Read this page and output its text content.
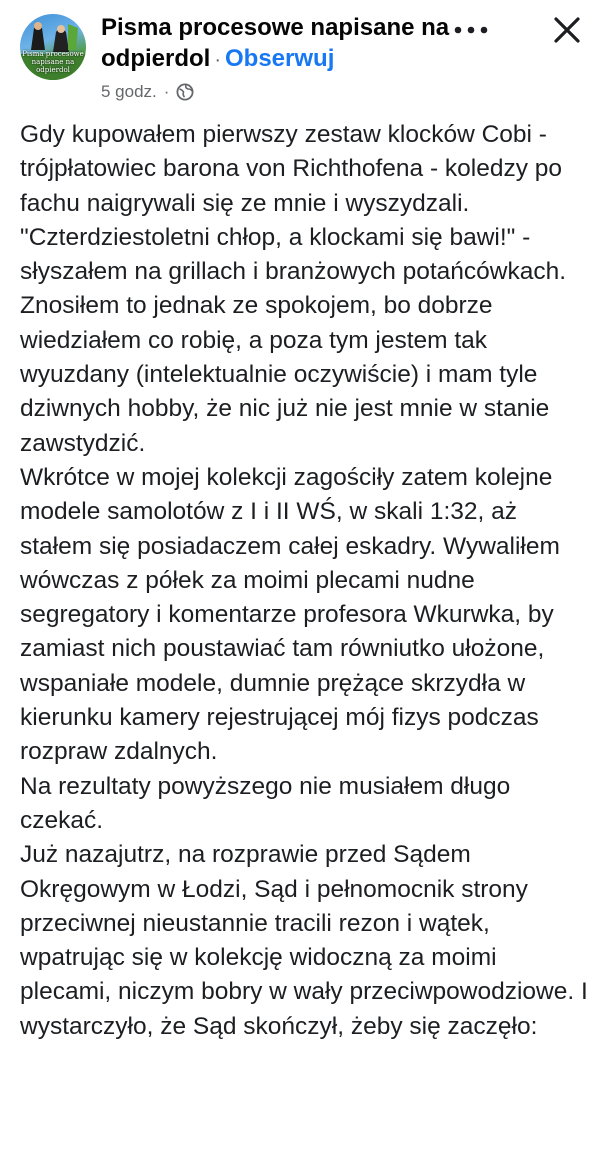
Pisma procesowe
napisane na
odpierdol
Pisma procesowe napisane na odpierdol · Obserwuj
5 godz. ·

Gdy kupowałem pierwszy zestaw klocków Cobi - trójpłatowiec barona von Richthofena - koledzy po fachu naigrywali się ze mnie i wyszydzali. "Czterdziestoletni chłop, a klockami się bawi!" - słyszałem na grillach i branżowych potańcówkach. Znosiłem to jednak ze spokojem, bo dobrze wiedziałem co robię, a poza tym jestem tak wyuzdany (intelektualnie oczywiście) i mam tyle dziwnych hobby, że nic już nie jest mnie w stanie zawstydzić.

Wkrótce w mojej kolekcji zagościły zatem kolejne modele samolotów z I i II WŚ, w skali 1:32, aż stałem się posiadaczem całej eskadry. Wywaliłem wówczas z półek za moimi plecami nudne segregatory i komentarze profesora Wkurwka, by zamiast nich poustawiać tam równiutko ułożone, wspaniałe modele, dumnie prężące skrzydła w kierunku kamery rejestrującej mój fizys podczas rozpraw zdalnych.

Na rezultaty powyższego nie musiałem długo czekać.

Już nazajutrz, na rozprawie przed Sądem Okręgowym w Łodzi, Sąd i pełnomocnik strony przeciwnej nieustannie tracili rezon i wątek, wpatrując się w kolekcję widoczną za moimi plecami, niczym bobry w wały przeciwpowodziowe. I wystarczyło, że Sąd skończył, żeby się zaczęło:
